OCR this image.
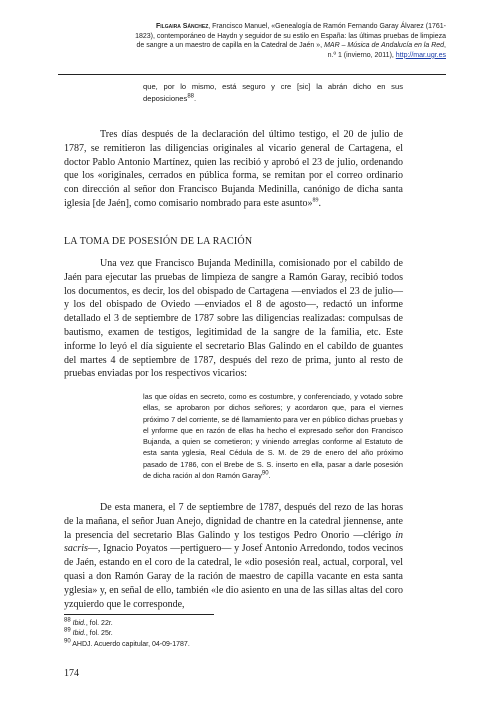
Filgaira Sánchez, Francisco Manuel, «Genealogía de Ramón Fernando Garay Álvarez (1761-
1823), contemporáneo de Haydn y seguidor de su estilo en España: las últimas pruebas de limpieza
de sangre a un maestro de capilla en la Catedral de Jaén », MAR – Música de Andalucía en la Red,
n.º 1 (invierno, 2011), http://mar.ugr.es
que, por lo mismo, está seguro y cre [sic] la abrán dicho en sus deposiciones$^{88}$.

Tres días después de la declaración del último testigo, el 20 de julio de 1787, se remitieron las diligencias originales al vicario general de Cartagena, el doctor Pablo Antonio Martínez, quien las recibió y aprobó el 23 de julio, ordenando que los «originales, cerrados en pública forma, se remitan por el correo ordinario con dirección al señor don Francisco Bujanda Medinilla, canónigo de dicha santa iglesia [de Jaén], como comisario nombrado para este asunto»$^{89}$.

LA TOMA DE POSESIÓN DE LA RACIÓN

Una vez que Francisco Bujanda Medinilla, comisionado por el cabildo de Jaén para ejecutar las pruebas de limpieza de sangre a Ramón Garay, recibió todos los documentos, es decir, los del obispado de Cartagena —enviados el 23 de julio— y los del obispado de Oviedo —enviados el 8 de agosto—, redactó un informe detallado el 3 de septiembre de 1787 sobre las diligencias realizadas: compulsas de bautismo, examen de testigos, legitimidad de la sangre de la familia, etc. Este informe lo leyó el día siguiente el secretario Blas Galindo en el cabildo de guantes del martes 4 de septiembre de 1787, después del rezo de prima, junto al resto de pruebas enviadas por los respectivos vicarios:

las que oídas en secreto, como es costumbre, y conferenciado, y votado sobre ellas, se aprobaron por dichos señores; y acordaron que, para el viernes próximo 7 del corriente, se dé llamamiento para ver en público dichas pruebas y el ynforme que en razón de ellas ha hecho el expresado señor don Francisco Bujanda, a quien se cometieron; y viniendo arreglas conforme al Estatuto de esta santa yglesia, Real Cédula de S. M. de 29 de enero del año próximo pasado de 1786, con el Brebe de S. S. inserto en ella, pasar a darle posesión de dicha ración al don Ramón Garay$^{90}$.

De esta manera, el 7 de septiembre de 1787, después del rezo de las horas de la mañana, el señor Juan Anejo, dignidad de chantre en la catedral jiennense, ante la presencia del secretario Blas Galindo y los testigos Pedro Onorio —clérigo in sacris—, Ignacio Poyatos —pertiguero— y Josef Antonio Arredondo, todos vecinos de Jaén, estando en el coro de la catedral, le «dio posesión real, actual, corporal, vel quasi a don Ramón Garay de la ración de maestro de capilla vacante en esta santa yglesia» y, en señal de ello, también «le dio asiento en una de las sillas altas del coro yzquierdo que le corresponde,

$^{88}$ Ibid., fol. 22r.
$^{89}$ Ibid., fol. 25r.
$^{90}$ AHDJ. Acuerdo capitular, 04-09-1787.
174
